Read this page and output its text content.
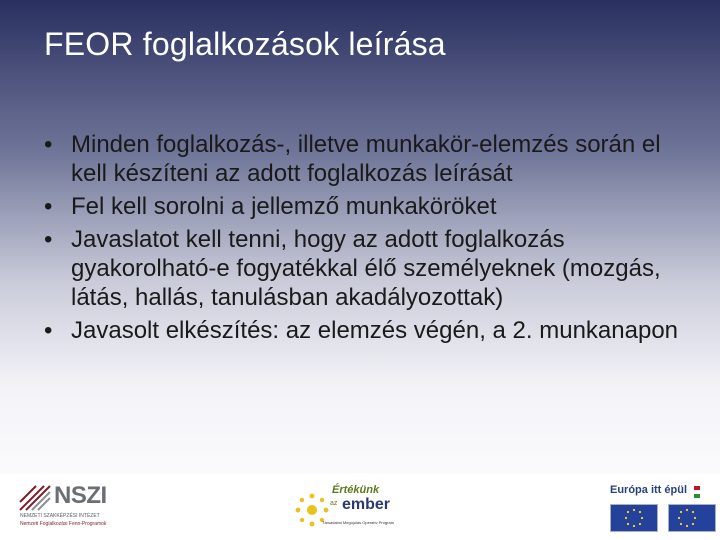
FEOR foglalkozások leírása
• Minden foglalkozás-, illetve munkakör-elemzés során el kell készíteni az adott foglalkozás leírását
• Fel kell sorolni a jellemző munkaköröket
• Javaslatot kell tenni, hogy az adott foglalkozás gyakorolható-e fogyatékkal élő személyeknek (mozgás, látás, hallás, tanulásban akadályozottak)
• Javasolt elkészítés: az elemzés végén, a 2. munkanapon
NSZI
NEMZETI SZAKKÉPZÉSI INTÉZET
Nemzeti Foglalkozási Fenn-Programok
Értékünk
az ember
Társadalmi Megújulás Operatív Program
Európa itt épül
